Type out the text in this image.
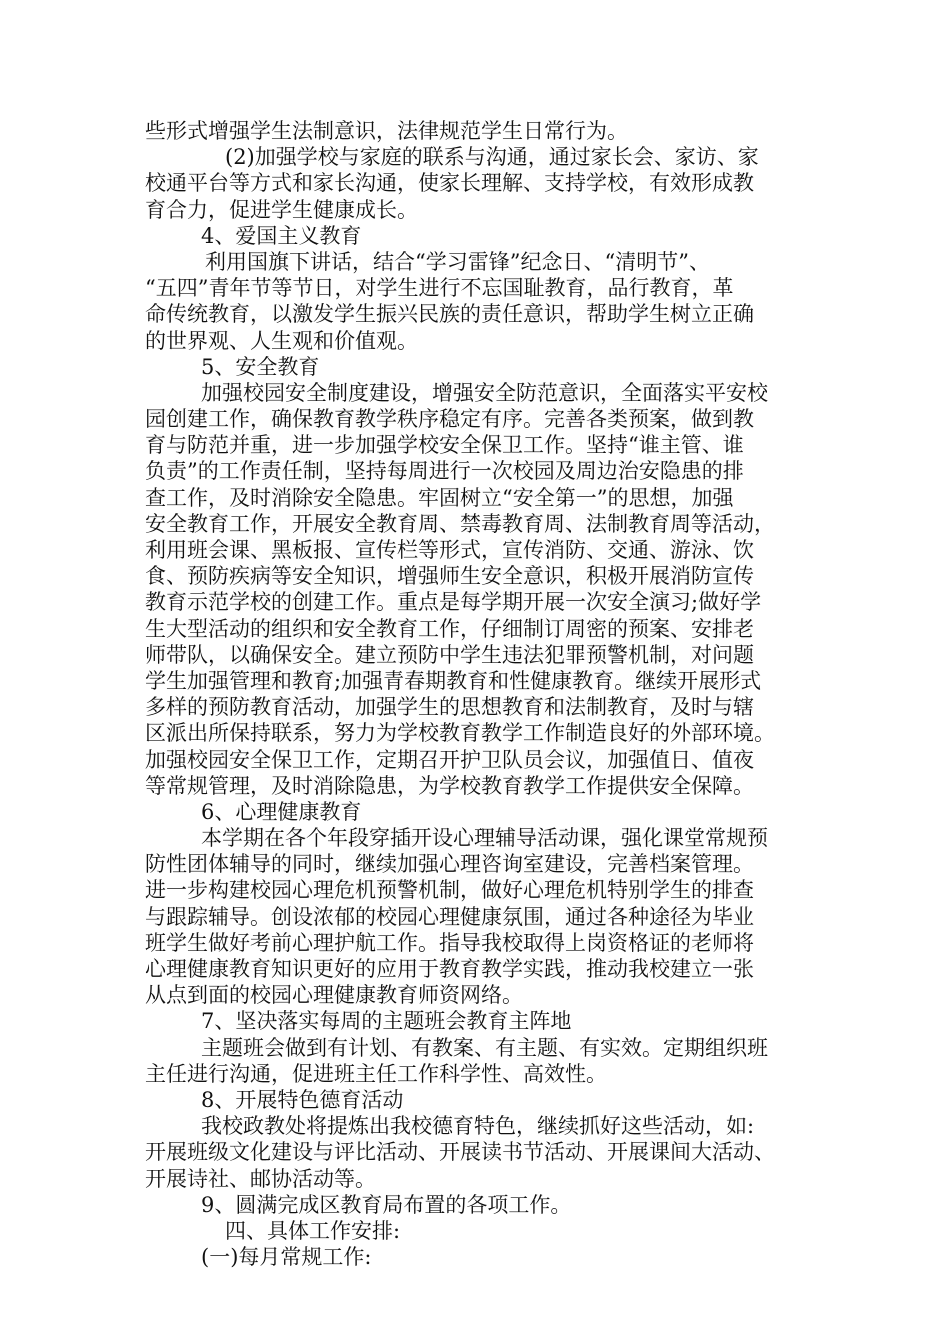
些形式增强学生法制意识，法律规范学生日常行为。
(2)加强学校与家庭的联系与沟通，通过家长会、家访、家
校通平台等方式和家长沟通，使家长理解、支持学校，有效形成教
育合力，促进学生健康成长。
4、爱国主义教育
利用国旗下讲话，结合“学习雷锋”纪念日、“清明节”、
“五四”青年节等节日，对学生进行不忘国耻教育，品行教育，革
命传统教育，以激发学生振兴民族的责任意识，帮助学生树立正确
的世界观、人生观和价值观。
5、安全教育
加强校园安全制度建设，增强安全防范意识，全面落实平安校
园创建工作，确保教育教学秩序稳定有序。完善各类预案，做到教
育与防范并重，进一步加强学校安全保卫工作。坚持“谁主管、谁
负责”的工作责任制，坚持每周进行一次校园及周边治安隐患的排
查工作，及时消除安全隐患。牢固树立“安全第一”的思想，加强
安全教育工作，开展安全教育周、禁毒教育周、法制教育周等活动，
利用班会课、黑板报、宣传栏等形式，宣传消防、交通、游泳、饮
食、预防疾病等安全知识，增强师生安全意识，积极开展消防宣传
教育示范学校的创建工作。重点是每学期开展一次安全演习;做好学
生大型活动的组织和安全教育工作，仔细制订周密的预案、安排老
师带队，以确保安全。建立预防中学生违法犯罪预警机制，对问题
学生加强管理和教育;加强青春期教育和性健康教育。继续开展形式
多样的预防教育活动，加强学生的思想教育和法制教育，及时与辖
区派出所保持联系，努力为学校教育教学工作制造良好的外部环境。
加强校园安全保卫工作，定期召开护卫队员会议，加强值日、值夜
等常规管理，及时消除隐患，为学校教育教学工作提供安全保障。
6、心理健康教育
本学期在各个年段穿插开设心理辅导活动课，强化课堂常规预
防性团体辅导的同时，继续加强心理咨询室建设，完善档案管理。
进一步构建校园心理危机预警机制，做好心理危机特别学生的排查
与跟踪辅导。创设浓郁的校园心理健康氛围，通过各种途径为毕业
班学生做好考前心理护航工作。指导我校取得上岗资格证的老师将
心理健康教育知识更好的应用于教育教学实践，推动我校建立一张
从点到面的校园心理健康教育师资网络。
7、坚决落实每周的主题班会教育主阵地
主题班会做到有计划、有教案、有主题、有实效。定期组织班
主任进行沟通，促进班主任工作科学性、高效性。
8、开展特色德育活动
我校政教处将提炼出我校德育特色，继续抓好这些活动，如:
开展班级文化建设与评比活动、开展读书节活动、开展课间大活动、
开展诗社、邮协活动等。
9、圆满完成区教育局布置的各项工作。
四、具体工作安排:
(一)每月常规工作:
